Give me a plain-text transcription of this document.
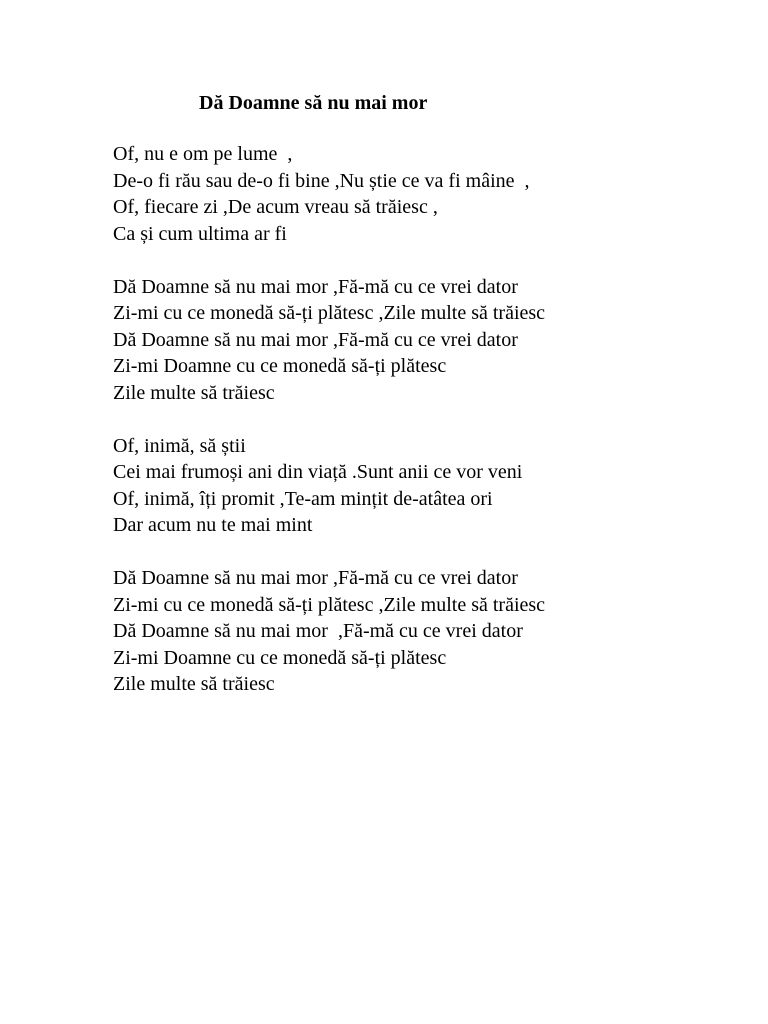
Dă Doamne să nu mai mor
Of, nu e om pe lume  ,
De-o fi rău sau de-o fi bine ,Nu știe ce va fi mâine  ,
Of, fiecare zi ,De acum vreau să trăiesc ,
Ca și cum ultima ar fi
Dă Doamne să nu mai mor ,Fă-mă cu ce vrei dator
Zi-mi cu ce monedă să-ți plătesc ,Zile multe să trăiesc
Dă Doamne să nu mai mor ,Fă-mă cu ce vrei dator
Zi-mi Doamne cu ce monedă să-ți plătesc
Zile multe să trăiesc
Of, inimă, să știi
Cei mai frumoși ani din viață .Sunt anii ce vor veni
Of, inimă, îți promit ,Te-am mințit de-atâtea ori
Dar acum nu te mai mint
Dă Doamne să nu mai mor ,Fă-mă cu ce vrei dator
Zi-mi cu ce monedă să-ți plătesc ,Zile multe să trăiesc
Dă Doamne să nu mai mor  ,Fă-mă cu ce vrei dator
Zi-mi Doamne cu ce monedă să-ți plătesc
Zile multe să trăiesc
